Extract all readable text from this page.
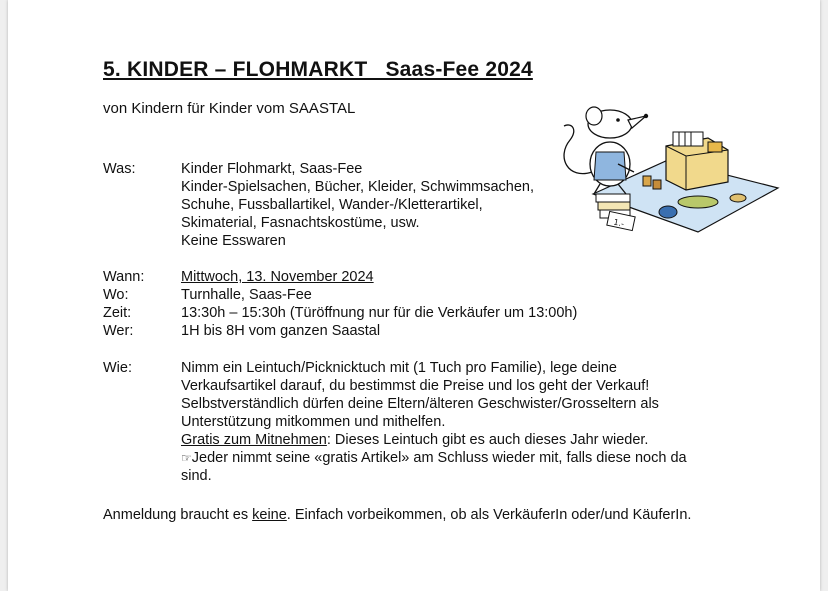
5. KINDER – FLOHMARKT   Saas-Fee 2024
von Kindern für Kinder vom SAASTAL
Was:	Kinder Flohmarkt, Saas-Fee
Kinder-Spielsachen, Bücher, Kleider, Schwimmsachen,
Schuhe, Fussballartikel, Wander-/Kletterartikel,
Skimaterial, Fasnachtskostüme, usw.
Keine Esswaren
Wann:	Mittwoch, 13. November 2024
Wo:	Turnhalle, Saas-Fee
Zeit:	13:30h – 15:30h (Türöffnung nur für die Verkäufer um 13:00h)
Wer:	1H bis 8H vom ganzen Saastal
Wie:	Nimm ein Leintuch/Picknicktuch mit (1 Tuch pro Familie), lege deine
Verkaufsartikel darauf, du bestimmst die Preise und los geht der Verkauf!
Selbstverständlich dürfen deine Eltern/älteren Geschwister/Grosseltern als
Unterstützung mitkommen und mithelfen.
Gratis zum Mitnehmen: Dieses Leintuch gibt es auch dieses Jahr wieder.
☞Jeder nimmt seine «gratis Artikel» am Schluss wieder mit, falls diese noch da
sind.
Anmeldung braucht es keine. Einfach vorbeikommen, ob als VerkäuferIn oder/und KäuferIn.
1.-
